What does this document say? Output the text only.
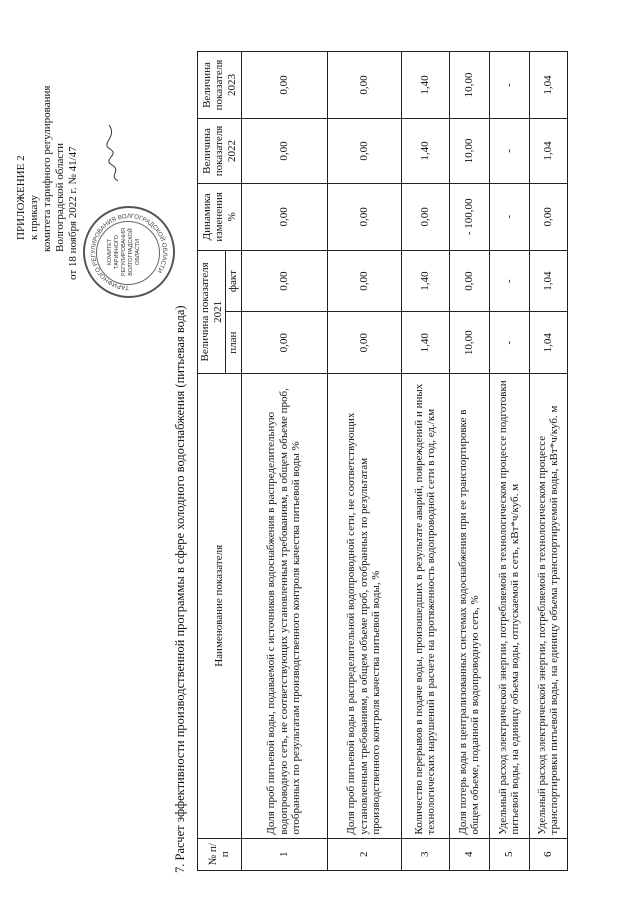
ПРИЛОЖЕНИЕ 2 к приказу комитета тарифного регулирования Волгоградской области от 18 ноября 2022 г. № 41/47
ТАРИФНОГО РЕГУЛИРОВАНИЯ ВОЛГОГРАДСКОЙ ОБЛАСТИ
КОМИТЕТ ТАРИФНОГО РЕГУЛИРОВАНИЯ ВОЛГОГРАДСКОЙ ОБЛАСТИ
7. Расчет эффективности производственной программы в сфере холодного водоснабжения (питьевая вода) № п/п	Наименование показателя	Величина показателя 2021		Динамика изменения %	Величина показателя 2022	Величина показателя 2023
		план	факт			
1	Доля проб питьевой воды, подаваемой с источников водоснабжения в распределительную водопроводную сеть, не соответствующих установленным требованиям, в общем объеме проб, отобранных по результатам производственного контроля качества питьевой воды %	0,00	0,00	0,00	0,00	0,00
2	Доля проб питьевой воды в распределительной водопроводной сети, не соответствующих установленным требованиям, в общем объеме проб, отобранных по результатам производственного контроля качества питьевой воды, %	0,00	0,00	0,00	0,00	0,00
3	Количество перерывов в подаче воды, произошедших в результате аварий, повреждений и иных технологических нарушений в расчете на протяженность водопроводной сети в год, ед./км	1,40	1,40	0,00	1,40	1,40
4	Доля потерь воды в централизованных системах водоснабжения при ее транспортировке в общем объеме, поданной в водопроводную сеть, %	10,00	0,00	- 100,00	10,00	10,00
5	Удельный расход электрической энергии, потребляемой в технологическом процессе подготовки питьевой воды, на единицу объема воды, отпускаемой в сеть, кВт*ч/куб. м	-	-	-	-	-
6	Удельный расход электрической энергии, потребляемой в технологическом процессе транспортировки питьевой воды, на единицу объема транспортируемой воды, кВт*ч/куб. м	1,04	1,04	0,00	1,04	1,04
